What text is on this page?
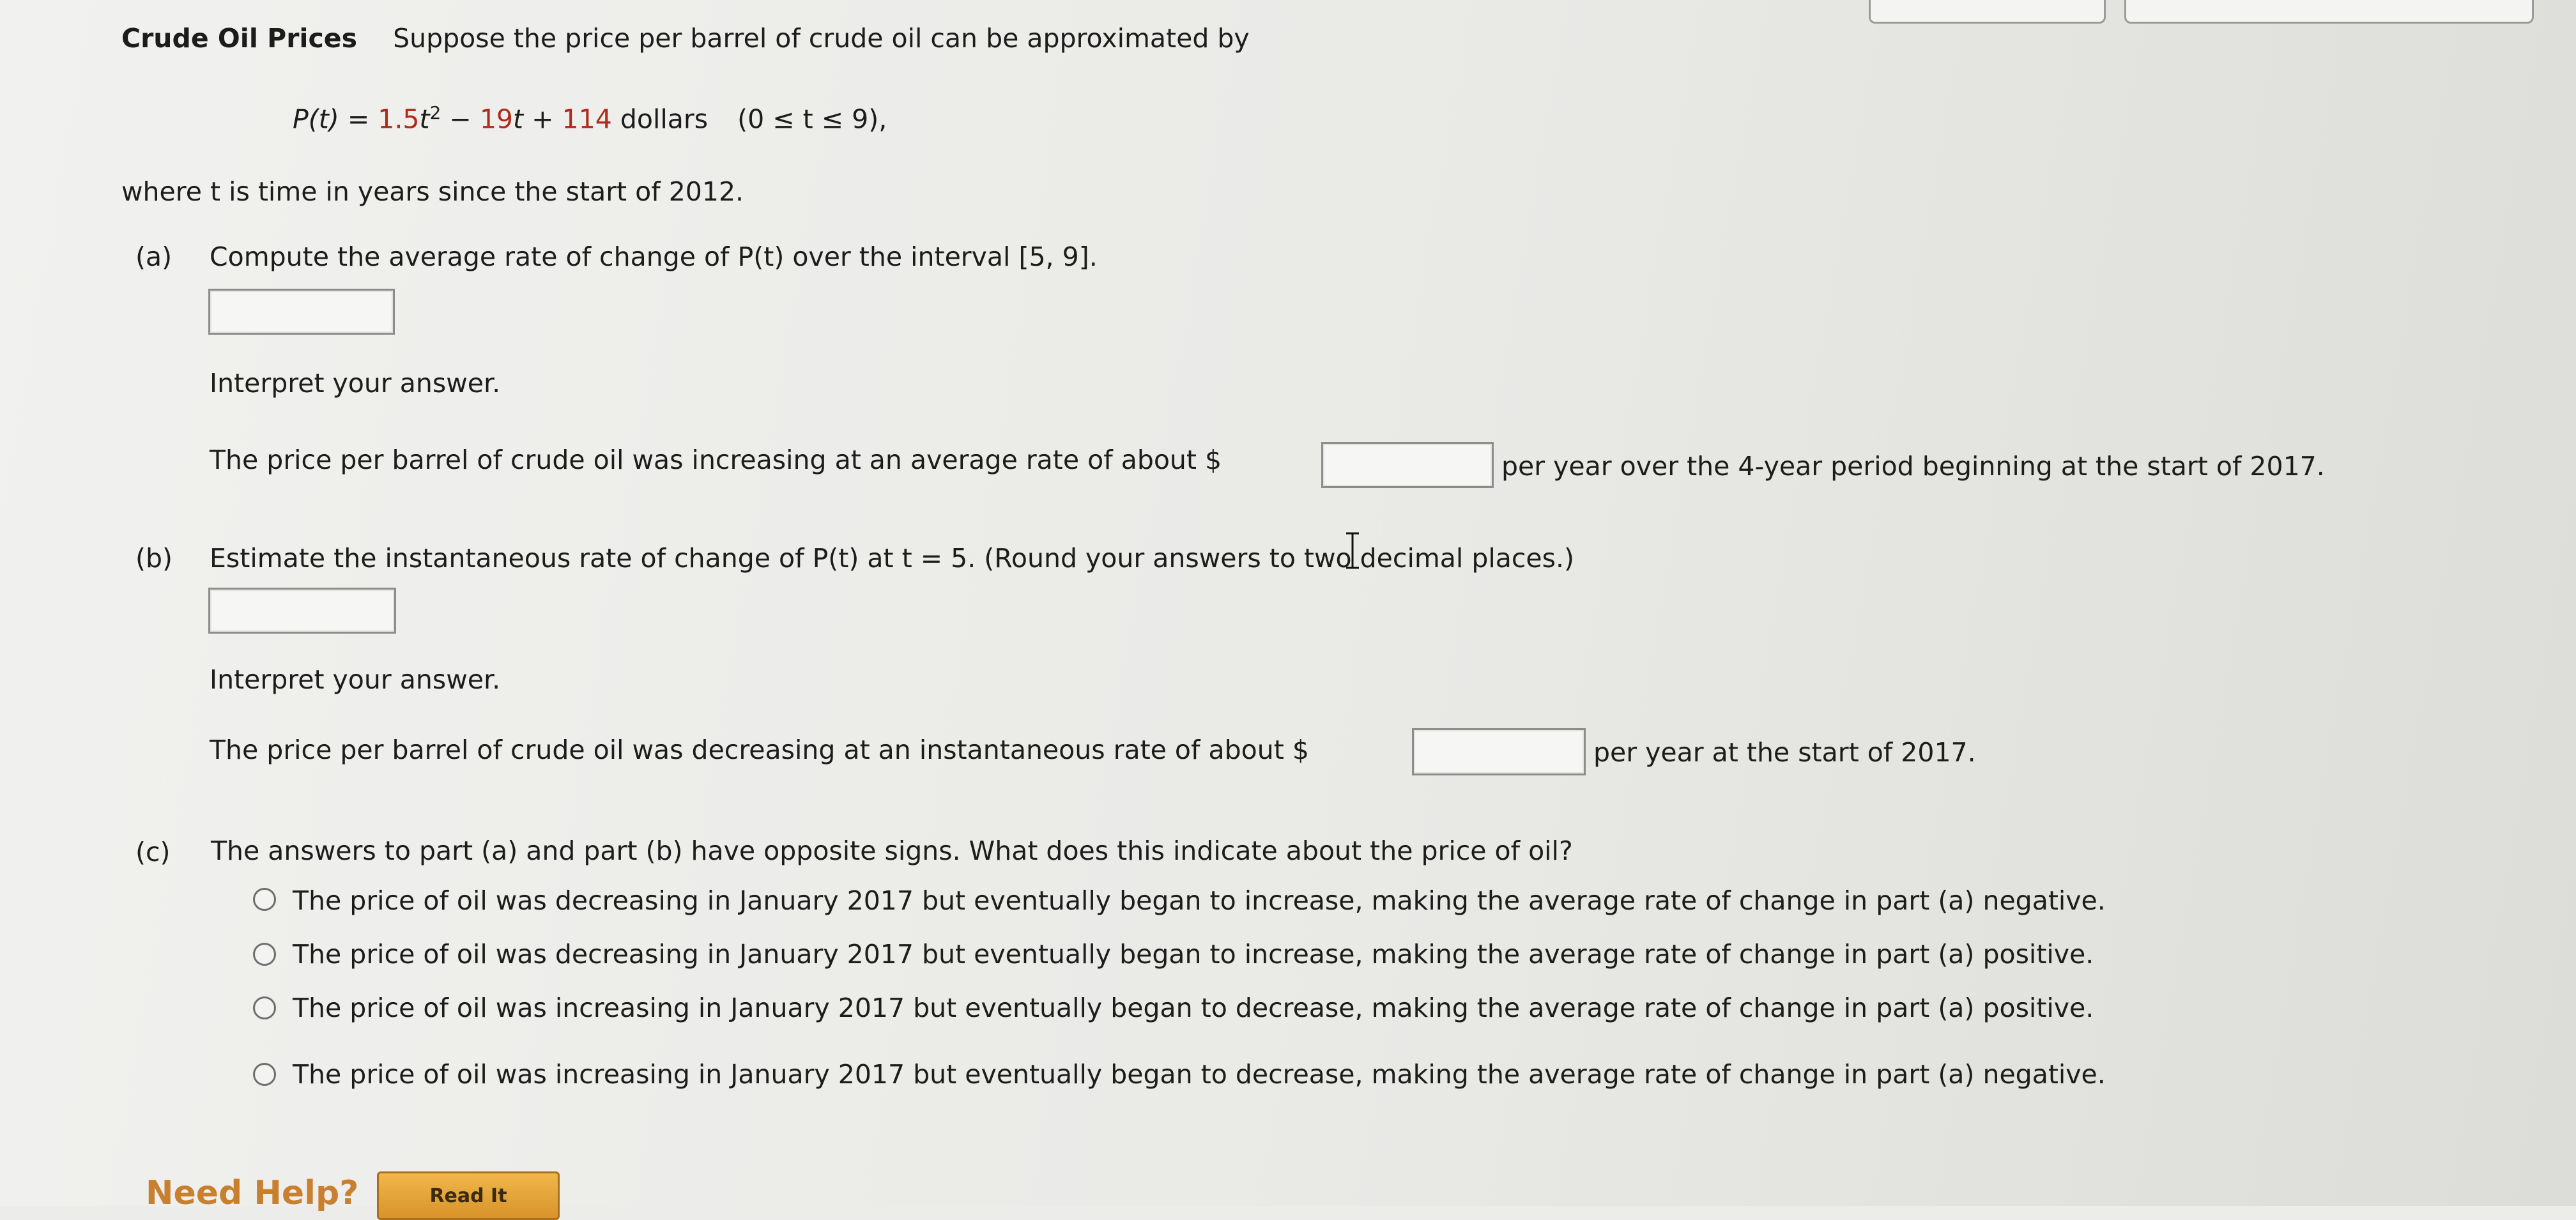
Crude Oil Prices Suppose the price per barrel of crude oil can be approximated by
$P(t) = 1.5t^2 - 19t + 114$ dollars (0 ≤ t ≤ 9),
where t is time in years since the start of 2012.
(a) Compute the average rate of change of P(t) over the interval [5, 9].
Interpret your answer.
The price per barrel of crude oil was increasing at an average rate of about $	per year over the 4-year period beginning at the start of 2017.
(b) Estimate the instantaneous rate of change of P(t) at t = 5. (Round your answers to two decimal places.)
Interpret your answer.
The price per barrel of crude oil was decreasing at an instantaneous rate of about $	per year at the start of 2017.
(c) The answers to part (a) and part (b) have opposite signs. What does this indicate about the price of oil?
The price of oil was decreasing in January 2017 but eventually began to increase, making the average rate of change in part (a) negative.
The price of oil was decreasing in January 2017 but eventually began to increase, making the average rate of change in part (a) positive.
The price of oil was increasing in January 2017 but eventually began to decrease, making the average rate of change in part (a) positive.
The price of oil was increasing in January 2017 but eventually began to decrease, making the average rate of change in part (a) negative.
Need Help?	Read It
